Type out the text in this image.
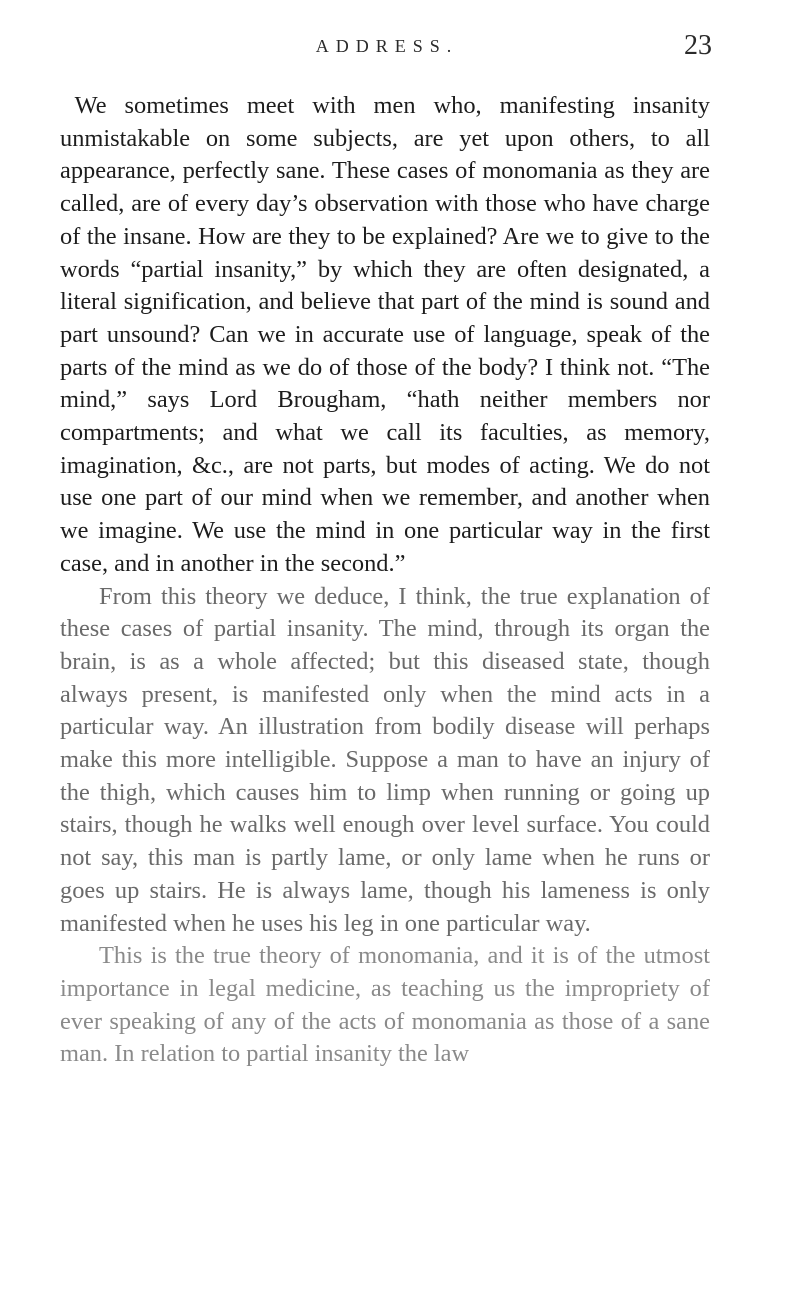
ADDRESS.	23

We sometimes meet with men who, manifesting insanity unmistakable on some subjects, are yet upon others, to all appearance, perfectly sane. These cases of monomania as they are called, are of every day’s observation with those who have charge of the insane. How are they to be explained? Are we to give to the words “partial insanity,” by which they are often designated, a literal signification, and believe that part of the mind is sound and part unsound? Can we in accurate use of language, speak of the parts of the mind as we do of those of the body? I think not. “The mind,” says Lord Brougham, “hath neither members nor compartments; and what we call its faculties, as memory, imagination, &c., are not parts, but modes of acting. We do not use one part of our mind when we remember, and another when we imagine. We use the mind in one particular way in the first case, and in another in the second.”

From this theory we deduce, I think, the true explanation of these cases of partial insanity. The mind, through its organ the brain, is as a whole affected; but this diseased state, though always present, is manifested only when the mind acts in a particular way. An illustration from bodily disease will perhaps make this more intelligible. Suppose a man to have an injury of the thigh, which causes him to limp when running or going up stairs, though he walks well enough over level surface. You could not say, this man is partly lame, or only lame when he runs or goes up stairs. He is always lame, though his lameness is only manifested when he uses his leg in one particular way.

This is the true theory of monomania, and it is of the utmost importance in legal medicine, as teaching us the impropriety of ever speaking of any of the acts of monomania as those of a sane man. In relation to partial insanity the law
